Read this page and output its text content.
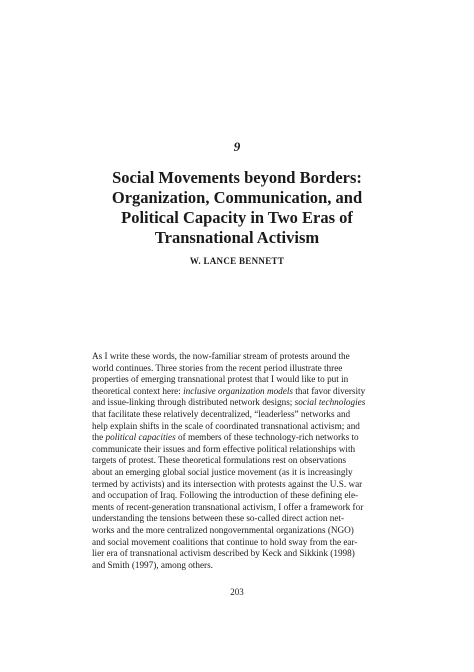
9

Social Movements beyond Borders:
Organization, Communication, and
Political Capacity in Two Eras of
Transnational Activism

W. LANCE BENNETT

As I write these words, the now-familiar stream of protests around the
world continues. Three stories from the recent period illustrate three
properties of emerging transnational protest that I would like to put in
theoretical context here: inclusive organization models that favor diversity
and issue-linking through distributed network designs; social technologies
that facilitate these relatively decentralized, “leaderless” networks and
help explain shifts in the scale of coordinated transnational activism; and
the political capacities of members of these technology-rich networks to
communicate their issues and form effective political relationships with
targets of protest. These theoretical formulations rest on observations
about an emerging global social justice movement (as it is increasingly
termed by activists) and its intersection with protests against the U.S. war
and occupation of Iraq. Following the introduction of these defining ele-
ments of recent-generation transnational activism, I offer a framework for
understanding the tensions between these so-called direct action net-
works and the more centralized nongovernmental organizations (NGO)
and social movement coalitions that continue to hold sway from the ear-
lier era of transnational activism described by Keck and Sikkink (1998)
and Smith (1997), among others.

203
